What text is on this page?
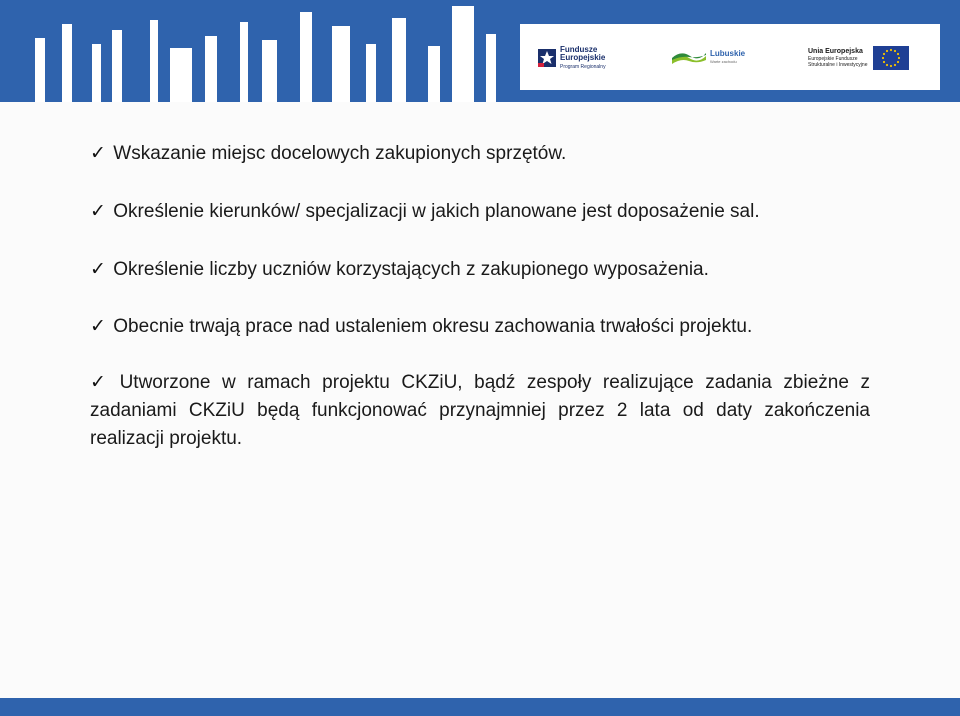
Fundusze
Europejskie
Program Regionalny
Lubuskie
Warte zachodu
Unia Europejska
Europejskie Fundusze
Strukturalne i Inwestycyjne
✓ Wskazanie miejsc docelowych zakupionych sprzętów.
✓ Określenie kierunków/ specjalizacji w jakich planowane jest doposażenie sal.
✓ Określenie liczby uczniów korzystających z zakupionego wyposażenia.
✓ Obecnie trwają prace nad ustaleniem okresu zachowania trwałości projektu.
✓ Utworzone w ramach projektu CKZiU, bądź zespoły realizujące zadania zbieżne z zadaniami CKZiU będą funkcjonować przynajmniej przez 2 lata od daty zakończenia realizacji projektu.
